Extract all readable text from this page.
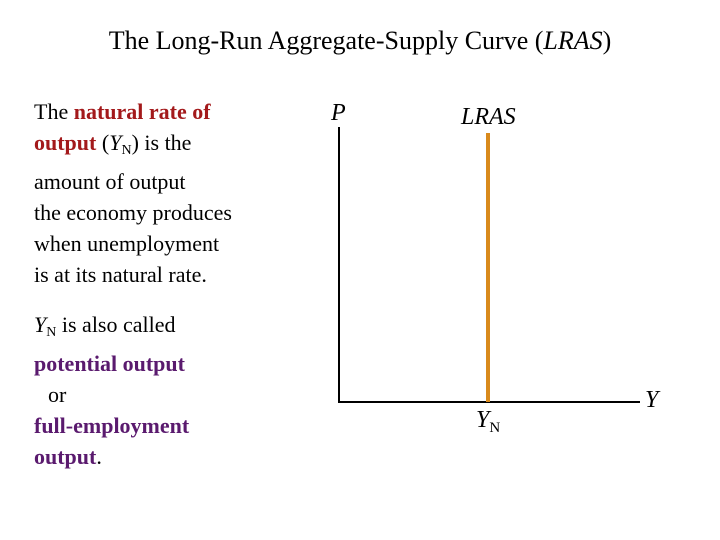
The Long-Run Aggregate-Supply Curve (LRAS)
The natural rate of
output $(Y_N)$ is the
amount of output
the economy produces
when unemployment
is at its natural rate.
$Y_N$ is also called
potential output
or
full-employment
output.
P	LRAS
Y
$Y_N$
